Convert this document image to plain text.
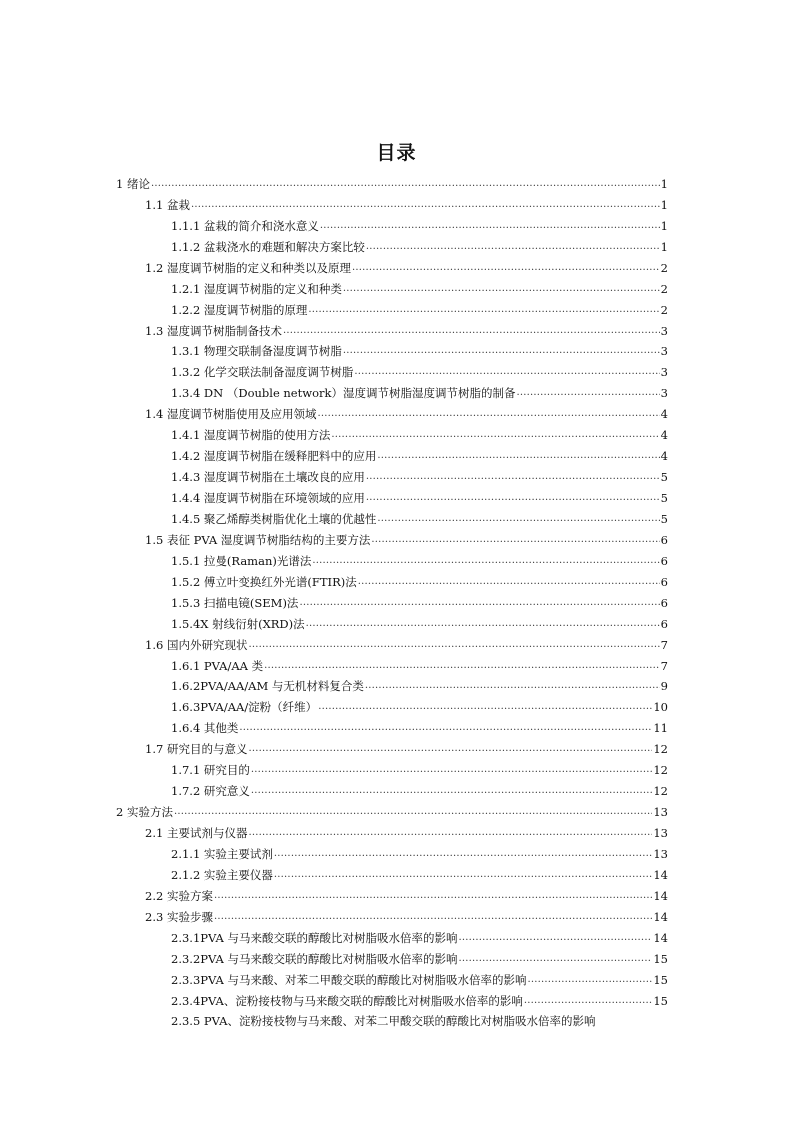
目录
1 绪论 .....	1
1.1 盆栽 .....	1
1.1.1 盆栽的简介和浇水意义 .....	1
1.1.2 盆栽浇水的难题和解决方案比较 .....	1
1.2 湿度调节树脂的定义和种类以及原理 .....	2
1.2.1 湿度调节树脂的定义和种类 .....	2
1.2.2 湿度调节树脂的原理 .....	2
1.3 湿度调节树脂制备技术 .....	3
1.3.1 物理交联制备湿度调节树脂 .....	3
1.3.2 化学交联法制备湿度调节树脂 .....	3
1.3.4 DN （Double network）湿度调节树脂湿度调节树脂的制备 .....	3
1.4 湿度调节树脂使用及应用领域 .....	4
1.4.1 湿度调节树脂的使用方法 .....	4
1.4.2 湿度调节树脂在缓释肥料中的应用 .....	4
1.4.3 湿度调节树脂在土壤改良的应用 .....	5
1.4.4 湿度调节树脂在环境领域的应用 .....	5
1.4.5 聚乙烯醇类树脂优化土壤的优越性 .....	5
1.5 表征 PVA 湿度调节树脂结构的主要方法 .....	6
1.5.1 拉曼(Raman)光谱法 .....	6
1.5.2 傅立叶变换红外光谱(FTIR)法 .....	6
1.5.3 扫描电镜(SEM)法 .....	6
1.5.4X 射线衍射(XRD)法 .....	6
1.6 国内外研究现状 .....	7
1.6.1 PVA/AA 类 .....	7
1.6.2PVA/AA/AM 与无机材料复合类 .....	9
1.6.3PVA/AA/淀粉（纤维） .....	10
1.6.4 其他类 .....	11
1.7 研究目的与意义 .....	12
1.7.1 研究目的 .....	12
1.7.2 研究意义 .....	12
2 实验方法 .....	13
2.1 主要试剂与仪器 .....	13
2.1.1 实验主要试剂 .....	13
2.1.2 实验主要仪器 .....	14
2.2 实验方案 .....	14
2.3 实验步骤 .....	14
2.3.1PVA 与马来酸交联的醇酸比对树脂吸水倍率的影响 .....	14
2.3.2PVA 与马来酸交联的醇酸比对树脂吸水倍率的影响 .....	15
2.3.3PVA 与马来酸、对苯二甲酸交联的醇酸比对树脂吸水倍率的影响 .....	15
2.3.4PVA、淀粉接枝物与马来酸交联的醇酸比对树脂吸水倍率的影响 .....	15
2.3.5 PVA、淀粉接枝物与马来酸、对苯二甲酸交联的醇酸比对树脂吸水倍率的影响
